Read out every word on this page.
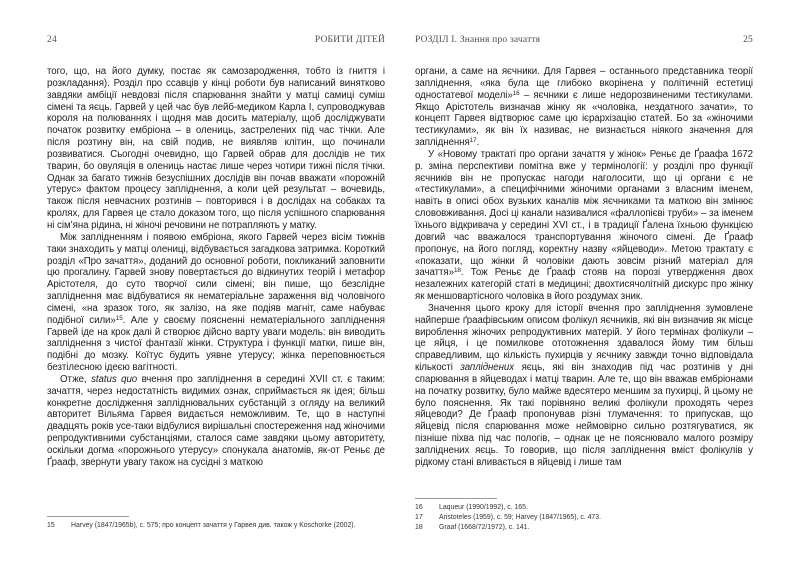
24	РОБИТИ ДІТЕЙ

того, що, на його думку, постає як самозародження, тобто із гниття і розкладання). Розділ про ссавців у кінці роботи був написаний винятково завдяки амбіції невдовзі після спарювання знайти у матці самиці суміш сімені та яєць. Гарвей у цей час був лейб-медиком Карла І, супроводжував короля на полюваннях і щодня мав досить матеріалу, щоб досліджувати початок розвитку ембріона – в олениць, застрелених під час тічки. Але після розтину він, на свій подив, не виявляв клітин, що починали розвиватися. Сьогодні очевидно, що Гарвей обрав для дослідів не тих тварин, бо овуляція в олениць настає лише через чотири тижні після тічки. Однак за багато тижнів безуспішних дослідів він почав вважати «порожній утерус» фактом процесу запліднення, а коли цей результат – вочевидь, також після невчасних розтинів – повторився і в дослідах на собаках та кролях, для Гарвея це стало доказом того, що після успішного спарювання ні сім’яна рідина, ні жіночі речовини не потрапляють у матку.

Між заплідненням і появою ембріона, якого Гарвей через вісім тижнів таки знаходить у матці олениці, відбувається загадкова затримка. Короткий розділ «Про зачаття», доданий до основної роботи, покликаний заповнити цю прогалину. Гарвей знову повертається до відкинутих теорій і метафор Арістотеля, до суто творчої сили сімені; він пише, що безслідне запліднення має відбуватися як нематеріальне зараження від чоловічого сімені, «на зразок того, як залізо, на яке подіяв магніт, саме набуває подібної сили»$^{15}$. Але у своєму поясненні нематеріального запліднення Гарвей іде на крок далі й створює дійсно варту уваги модель: він виводить запліднення з чистої фантазії жінки. Структура і функції матки, пише він, подібні до мозку. Коїтус будить уявне утерусу; жінка переповнюється безтілесною ідеєю вагітності.

Отже, status quo вчення про запліднення в середині XVII ст. є таким: зачаття, через недостатність видимих ознак, сприймається як ідея; більш конкретне дослідження запліднювальних субстанцій з огляду на великий авторитет Вільяма Гарвея видається неможливим. Те, що в наступні двадцять років усе-таки відбулися вирішальні спостереження над жіночими репродуктивними субстанціями, сталося саме завдяки цьому авторитету, оскільки догма «порожнього утерусу» спонукала анатомів, як-от Реньє де Ґрааф, звернути увагу також на сусідні з маткою

15	Harvey (1847/1965b), с. 575; про концепт зачаття у Гарвея див. також у Koschorke (2002).
РОЗДІЛ І. Знання про зачаття	25

органи, а саме на яєчники. Для Гарвея – останнього представника теорії запліднення, «яка була ще глибоко вкорінена у політичній естетиці одностатевої моделі»$^{16}$ – яєчники є лише недорозвиненими тестикулами. Якщо Арістотель визначав жінку як «чоловіка, нездатного зачати», то концепт Гарвея відтворює саме цю ієрархізацію статей. Бо за «жіночими тестикулами», як він їх називає, не визнається ніякого значення для запліднення$^{17}$.

У «Новому трактаті про органи зачаття у жінок» Реньє де Ґраафа 1672 р. зміна перспективи помітна вже у термінології: у розділі про функції яєчників він не пропускає нагоди наголосити, що ці органи є не «тестикулами», а специфічними жіночими органами з власним іменем, навіть в описі обох вузьких каналів між яєчниками та маткою він змінює слововживання. Досі ці канали називалися «фаллопієві труби» – за іменем їхнього відкривача у середині XVI ст., і в традиції Ґалена їхньою функцією довгий час вважалося транспортування жіночого сімені. Де Ґрааф пропонує, на його погляд, коректну назву «яйцеводи». Метою трактату є «показати, що жінки й чоловіки дають зовсім різний матеріал для зачаття»$^{18}$. Тож Реньє де Ґрааф стояв на порозі утвердження двох незалежних категорій статі в медицині; двохтисячолітній дискурс про жінку як меншовартісного чоловіка в його роздумах зник.

Значення цього кроку для історії вчення про запліднення зумовлене найперше ґраафівським описом фолікул яєчників, які він визначив як місце вироблення жіночих репродуктивних матерій. У його термінах фолікули – це яйця, і це помилкове ототожнення здавалося йому тим більш справедливим, що кількість пухирців у яєчнику завжди точно відповідала кількості запліднених яєць, які він знаходив під час розтинів у дні спарювання в яйцеводах і матці тварин. Але те, що він вважав ембріонами на початку розвитку, було майже вдесятеро меншим за пухирці, й цьому не було пояснення. Як такі порівняно великі фолікули проходять через яйцеводи? Де Ґрааф пропонував різні тлумачення: то припускав, що яйцевід після спарювання може неймовірно сильно розтягуватися, як пізніше піхва під час пологів, – однак це не пояснювало малого розміру запліднених яєць. То говорив, що після запліднення вміст фолікулів у рідкому стані вливається в яйцевід і лише там

16	Laqueur (1990/1992), с. 165.
17	Aristoteles (1959), с. 59; Harvey (1847/1965), с. 473.
18	Graaf (1668/72/1972), с. 141.
